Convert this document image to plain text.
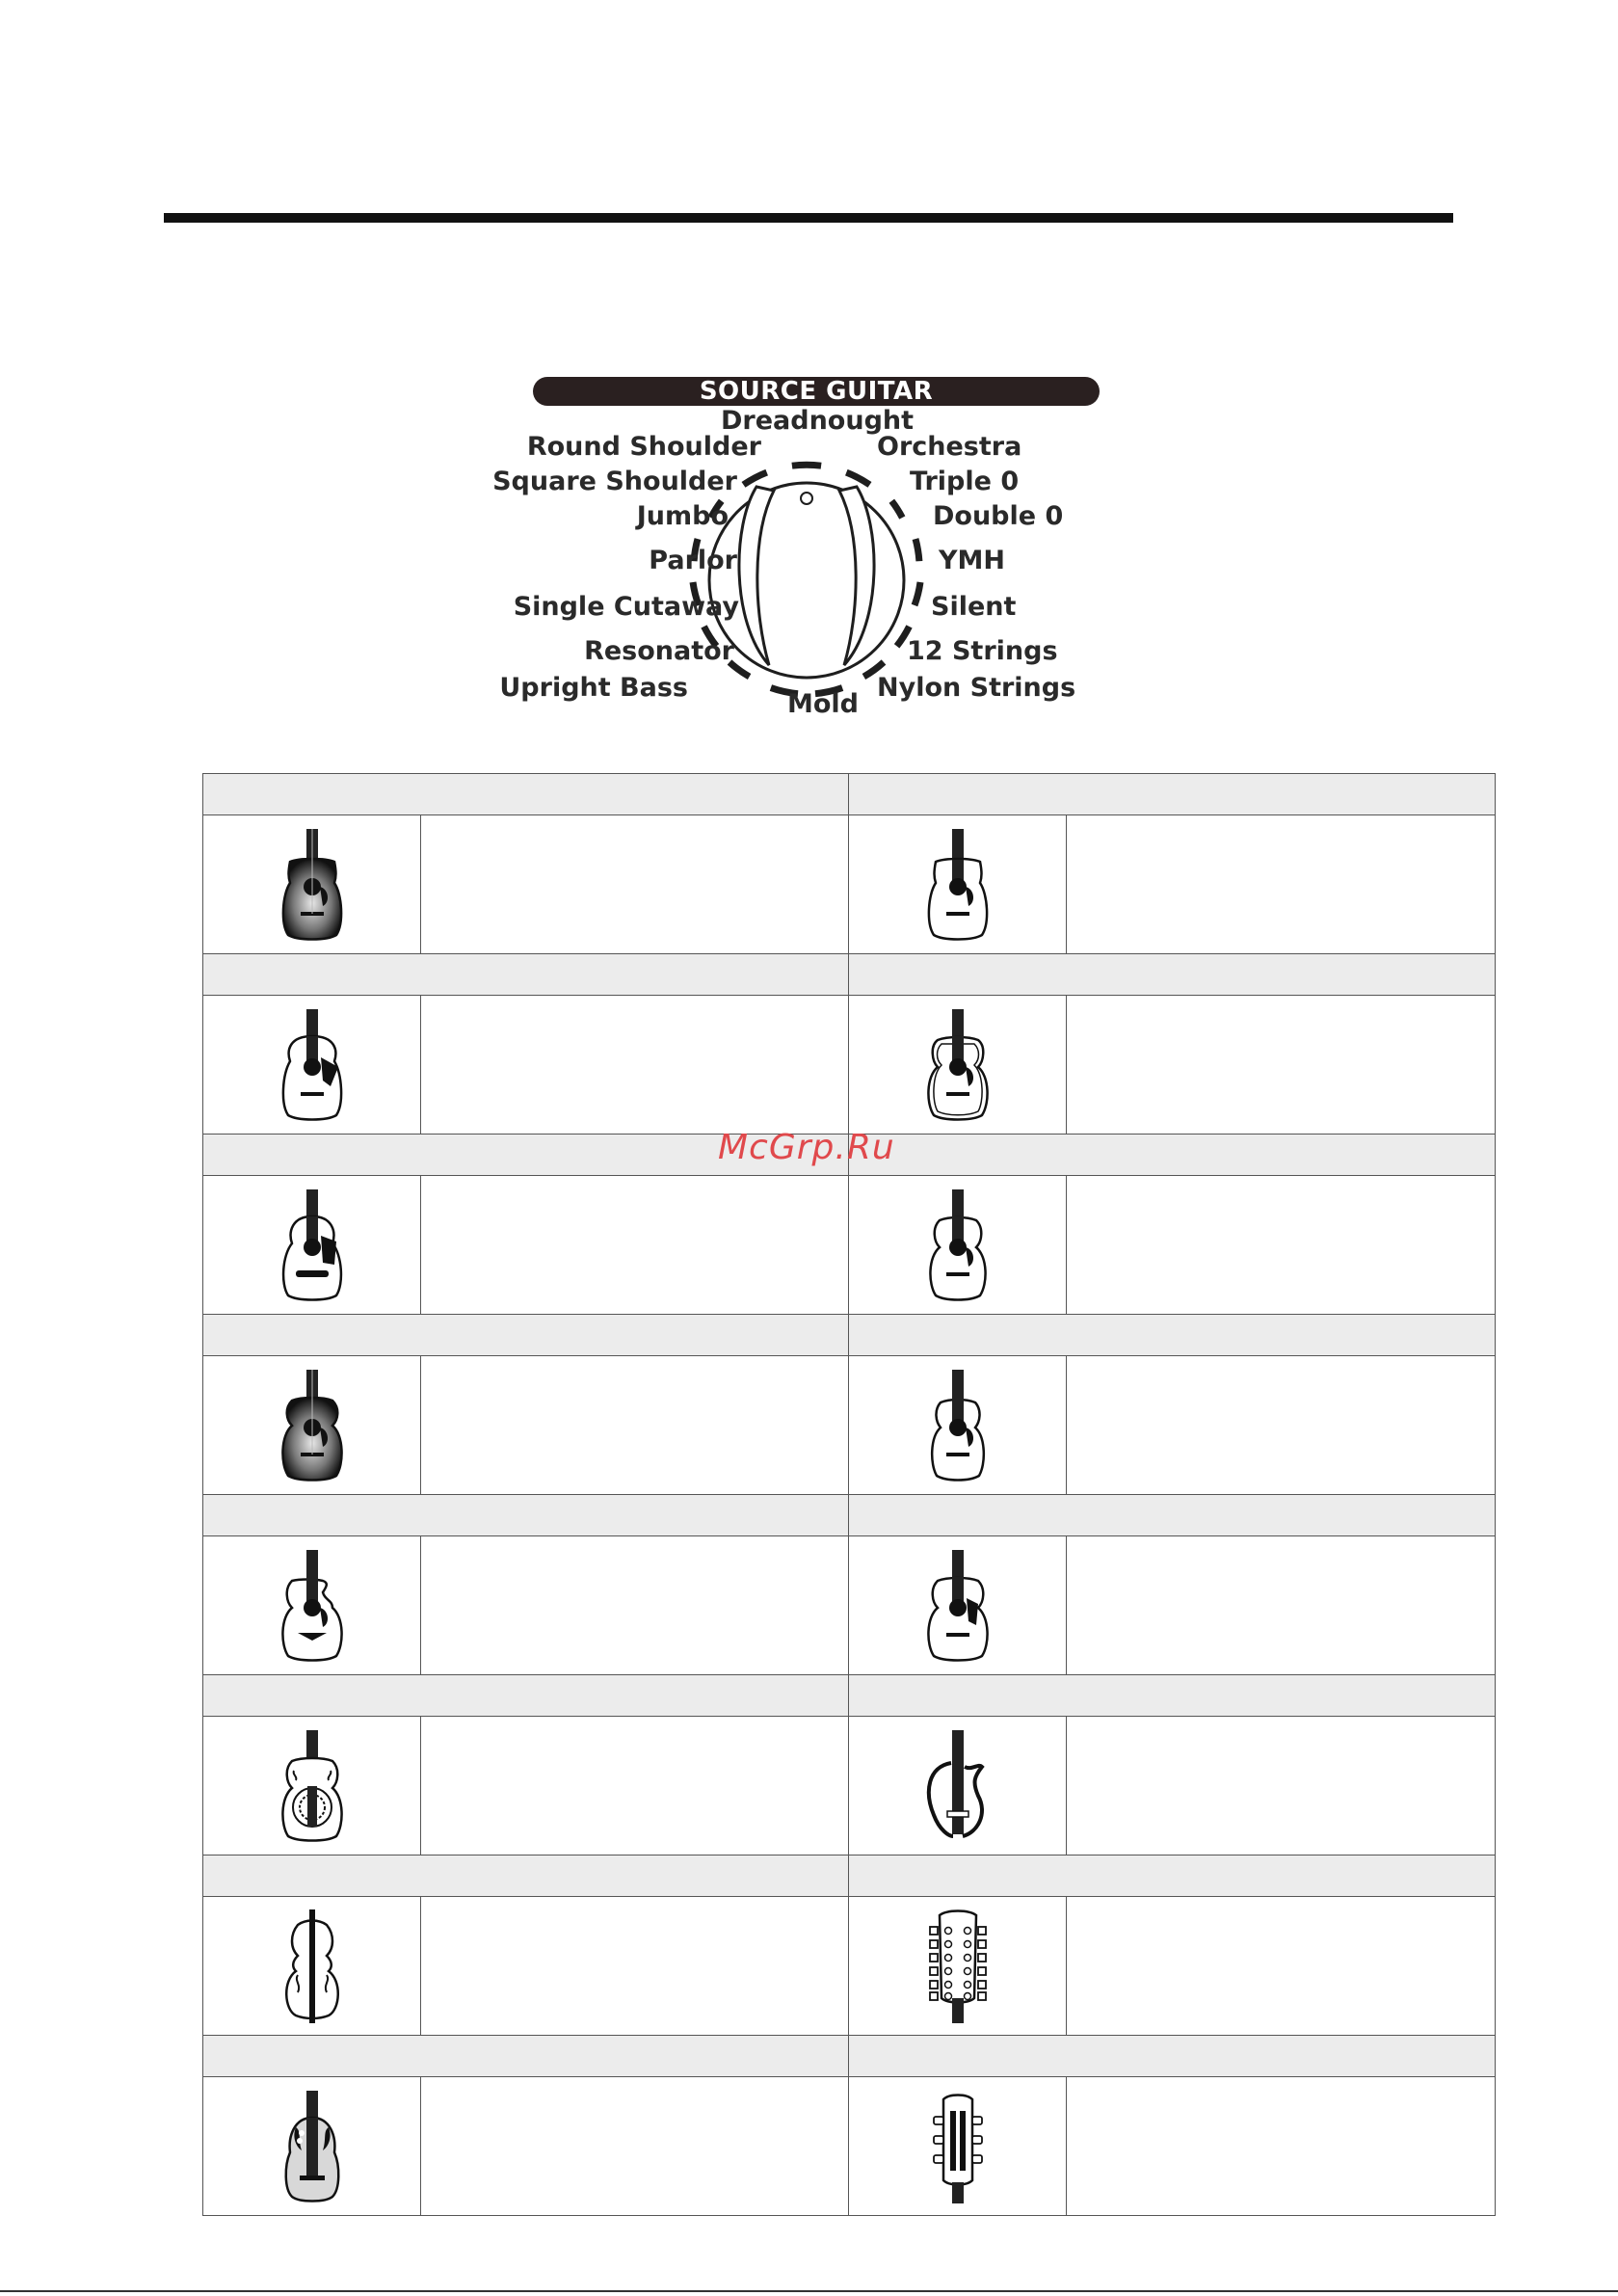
SOURCE GUITAR
Dreadnought
Orchestra
Triple 0
Double 0
YMH
Silent
12 Strings
Nylon Strings
Mold
Upright Bass
Resonator
Single Cutaway
Parlor
Jumbo
Square Shoulder
Round Shoulder

McGrp.Ru
